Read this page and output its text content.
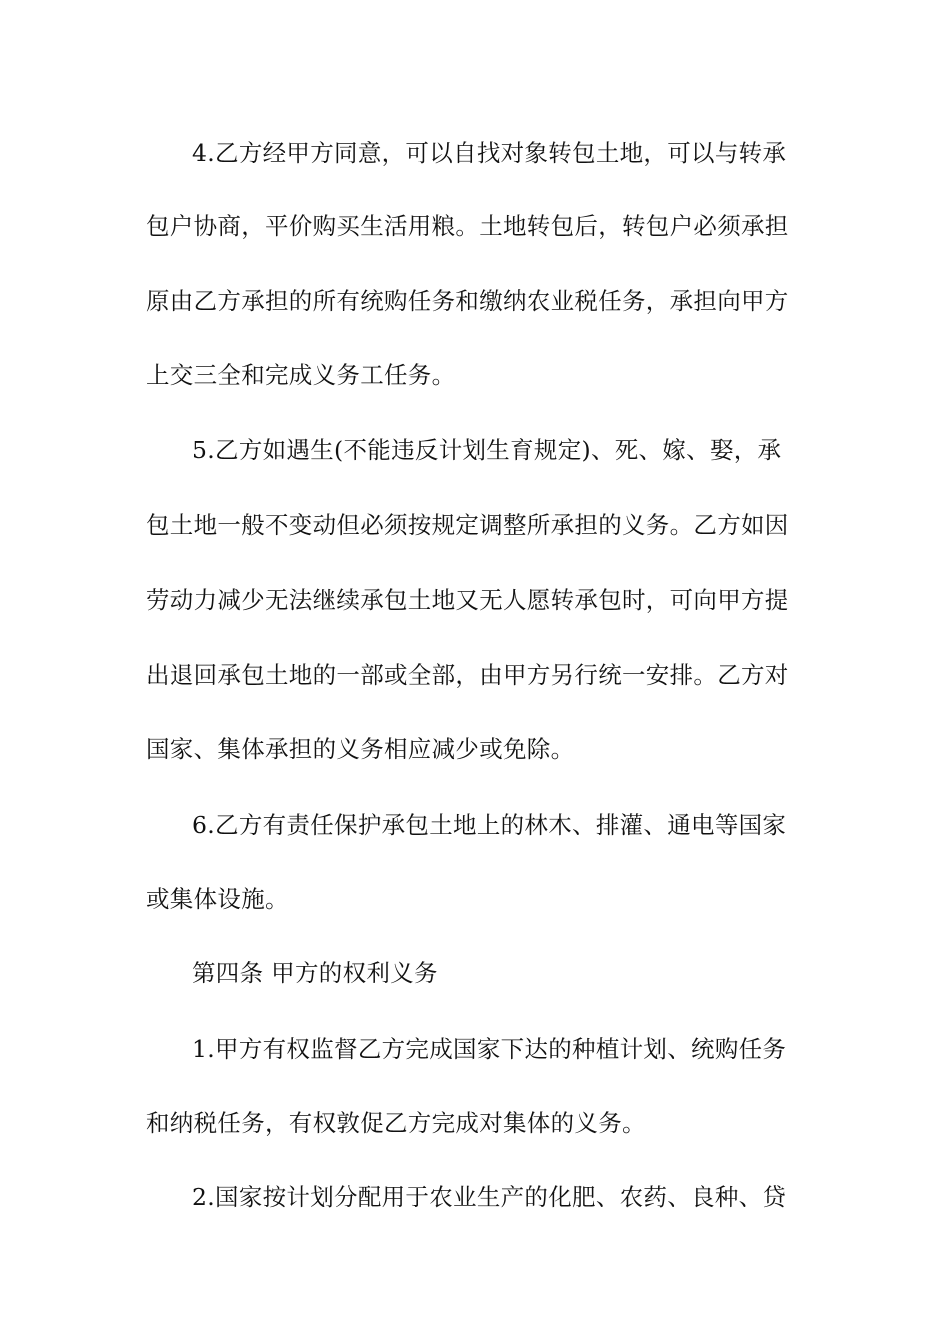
4.乙方经甲方同意，可以自找对象转包土地，可以与转承
包户协商，平价购买生活用粮。土地转包后，转包户必须承担
原由乙方承担的所有统购任务和缴纳农业税任务，承担向甲方
上交三全和完成义务工任务。
5.乙方如遇生(不能违反计划生育规定)、死、嫁、娶，承
包土地一般不变动但必须按规定调整所承担的义务。乙方如因
劳动力减少无法继续承包土地又无人愿转承包时，可向甲方提
出退回承包土地的一部或全部，由甲方另行统一安排。乙方对
国家、集体承担的义务相应减少或免除。
6.乙方有责任保护承包土地上的林木、排灌、通电等国家
或集体设施。
第四条 甲方的权利义务
1.甲方有权监督乙方完成国家下达的种植计划、统购任务
和纳税任务，有权敦促乙方完成对集体的义务。
2.国家按计划分配用于农业生产的化肥、农药、良种、贷
